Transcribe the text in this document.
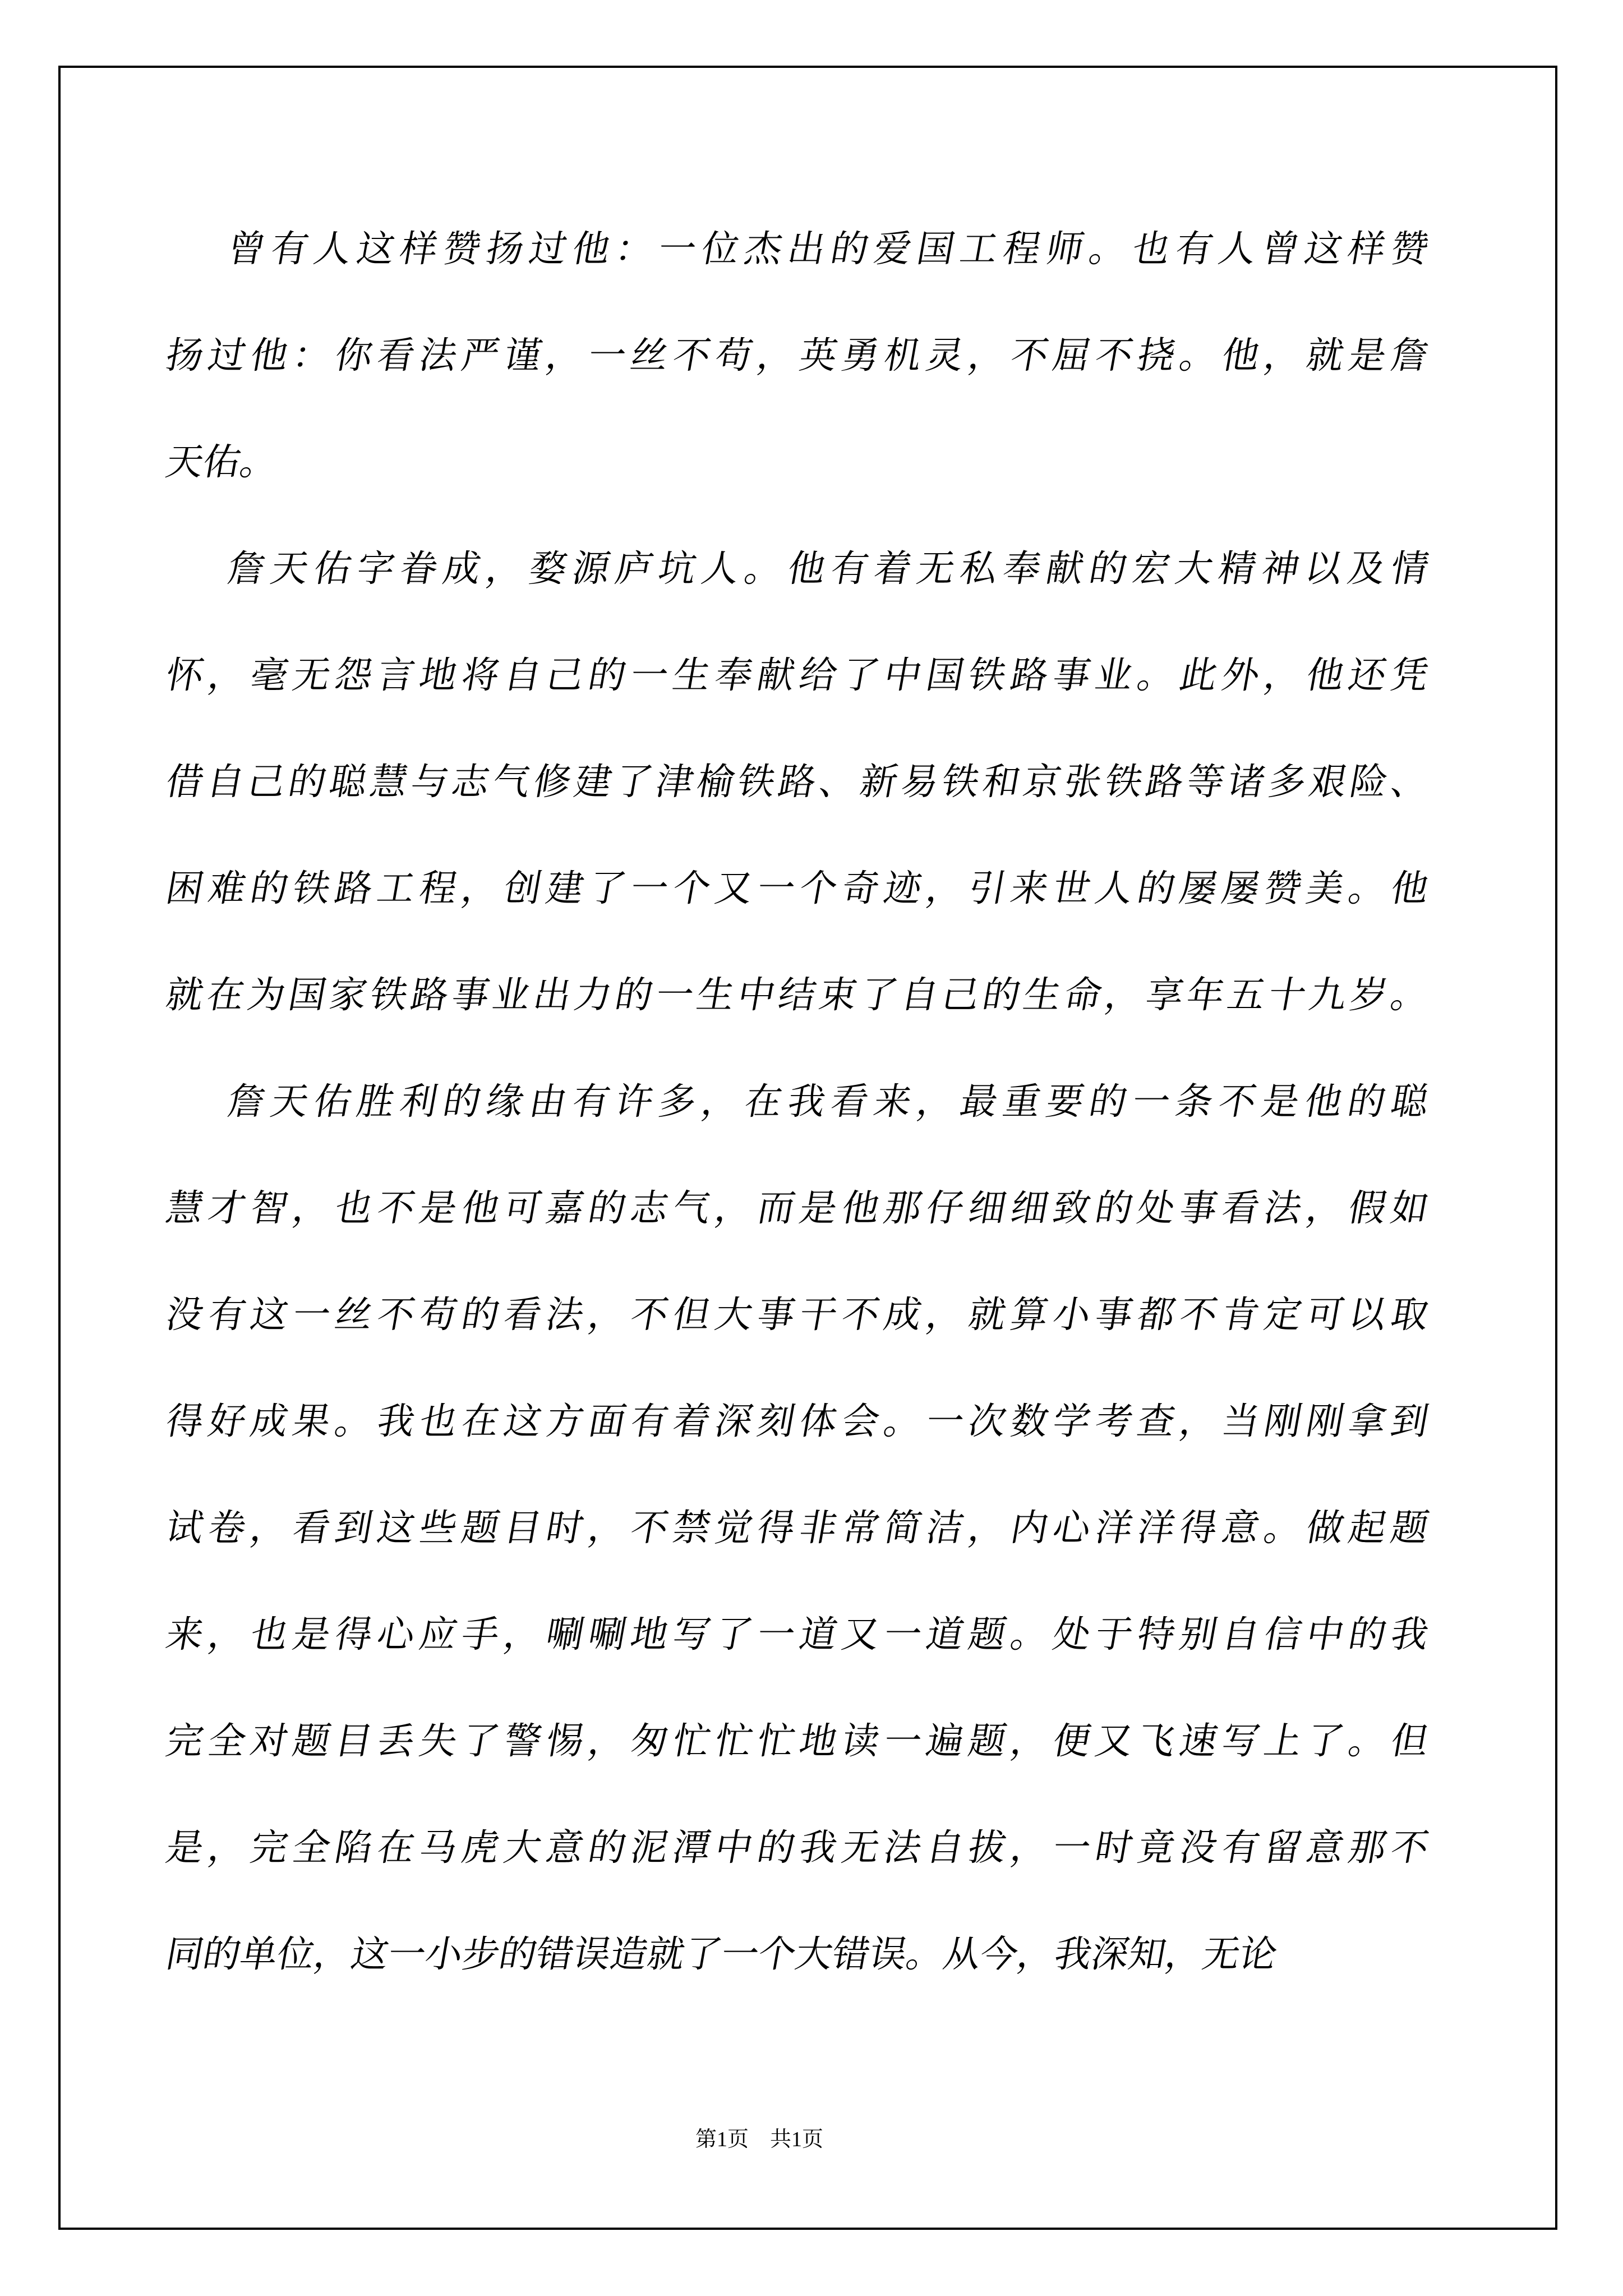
曾有人这样赞扬过他：一位杰出的爱国工程师。也有人曾这样赞
扬过他：你看法严谨，一丝不苟，英勇机灵，不屈不挠。他，就是詹
天佑。
詹天佑字眷成，婺源庐坑人。他有着无私奉献的宏大精神以及情
怀，毫无怨言地将自己的一生奉献给了中国铁路事业。此外，他还凭
借自己的聪慧与志气修建了津榆铁路、新易铁和京张铁路等诸多艰险、
困难的铁路工程，创建了一个又一个奇迹，引来世人的屡屡赞美。他
就在为国家铁路事业出力的一生中结束了自己的生命，享年五十九岁。
詹天佑胜利的缘由有许多，在我看来，最重要的一条不是他的聪
慧才智，也不是他可嘉的志气，而是他那仔细细致的处事看法，假如
没有这一丝不苟的看法，不但大事干不成，就算小事都不肯定可以取
得好成果。我也在这方面有着深刻体会。一次数学考查，当刚刚拿到
试卷，看到这些题目时，不禁觉得非常简洁，内心洋洋得意。做起题
来，也是得心应手，唰唰地写了一道又一道题。处于特别自信中的我
完全对题目丢失了警惕，匆忙忙忙地读一遍题，便又飞速写上了。但
是，完全陷在马虎大意的泥潭中的我无法自拔，一时竟没有留意那不
同的单位，这一小步的错误造就了一个大错误。从今，我深知，无论
第1页　共1页
